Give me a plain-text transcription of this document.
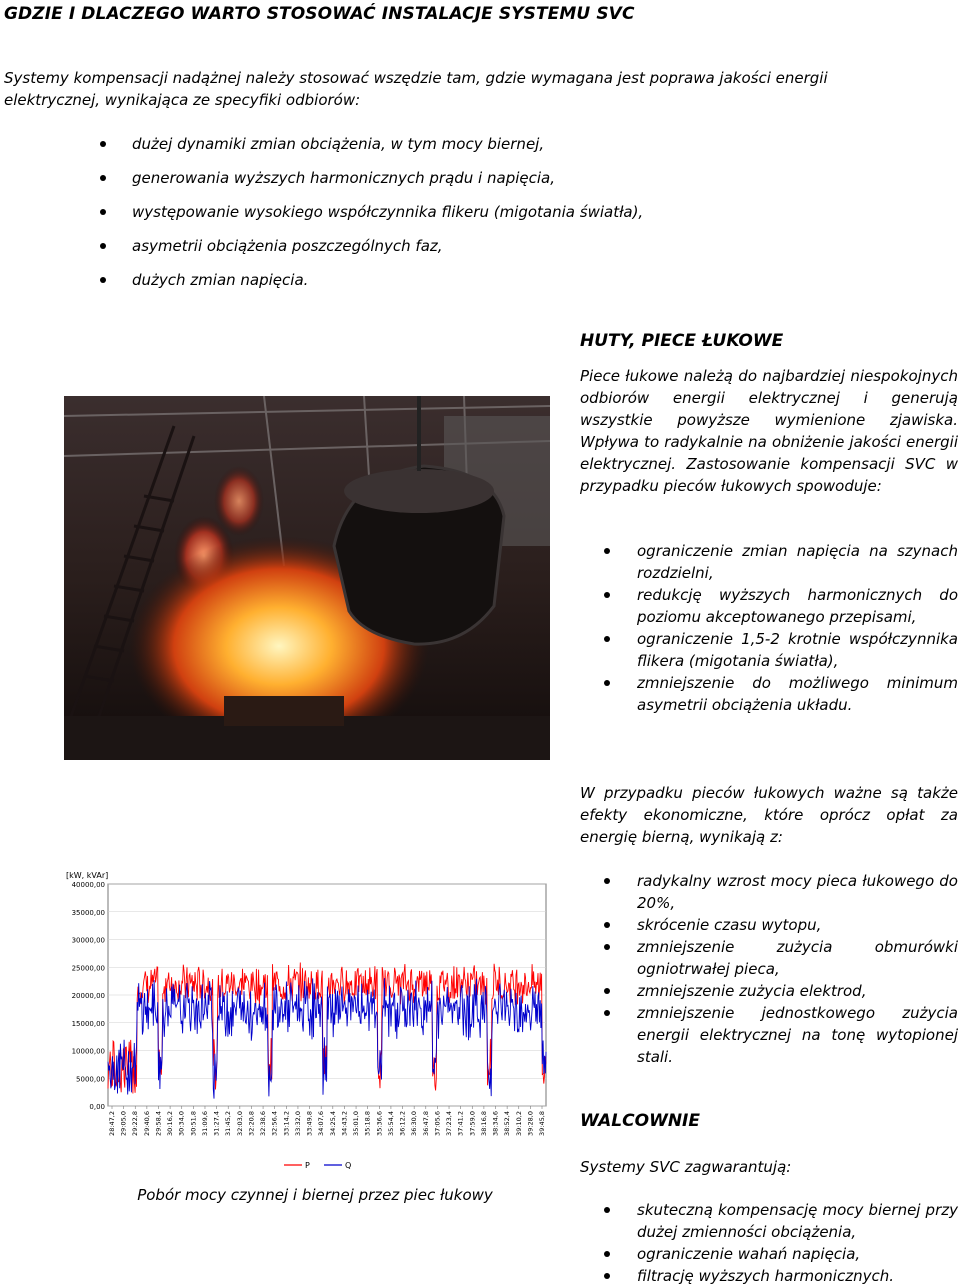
GDZIE I DLACZEGO WARTO STOSOWAĆ INSTALACJE SYSTEMU SVC
Systemy kompensacji nadążnej należy stosować wszędzie tam, gdzie wymagana jest poprawa jakości energii elektrycznej, wynikająca ze specyfiki odbiorów:
dużej dynamiki zmian obciążenia, w tym mocy biernej,
generowania wyższych harmonicznych prądu i napięcia,
występowanie wysokiego współczynnika flikeru (migotania światła),
asymetrii obciążenia poszczególnych faz,
dużych zmian napięcia.
HUTY, PIECE ŁUKOWE
Piece łukowe należą do najbardziej niespokojnych odbiorów energii elektrycznej i generują wszystkie powyższe wymienione zjawiska. Wpływa to radykalnie na obniżenie jakości energii elektrycznej. Zastosowanie kompensacji SVC w przypadku pieców łukowych spowoduje:
ograniczenie zmian napięcia na szynach rozdzielni,
redukcję wyższych harmonicznych do poziomu akceptowanego przepisami,
ograniczenie 1,5-2 krotnie współczynnika flikera (migotania światła),
zmniejszenie do możliwego minimum asymetrii obciążenia układu.
W przypadku pieców łukowych ważne są także efekty ekonomiczne, które oprócz opłat za energię bierną, wynikają z:
radykalny wzrost mocy pieca łukowego do 20%,
skrócenie czasu wytopu,
zmniejszenie zużycia obmurówki ogniotrwałej pieca,
zmniejszenie zużycia elektrod,
zmniejszenie jednostkowego zużycia energii elektrycznej na tonę wytopionej stali.
WALCOWNIE
Systemy SVC zagwarantują:
skuteczną kompensację mocy biernej przy dużej zmienności obciążenia,
ograniczenie wahań napięcia,
filtrację wyższych harmonicznych.
[kW, kVAr]
40000,00
35000,00
30000,00
25000,00
20000,00
15000,00
10000,00
5000,00
0,00
28:47,2 29:05,0 29:22,8 29:40,6 29:58,4 30:16,2 30:34,0 30:51,8 31:09,6 31:27,4 31:45,2 32:03,0 32:20,8 32:38,6 32:56,4 33:14,2 33:32,0 33:49,8 34:07,6 34:25,4 34:43,2 35:01,0 35:18,8 35:36,6 35:54,4 36:12,2 36:30,0 36:47,8 37:05,6 37:23,4 37:41,2 37:59,0 38:16,8 38:34,6 38:52,4 39:10,2 39:28,0 39:45,8
P	Q
Pobór mocy czynnej i biernej przez piec łukowy
